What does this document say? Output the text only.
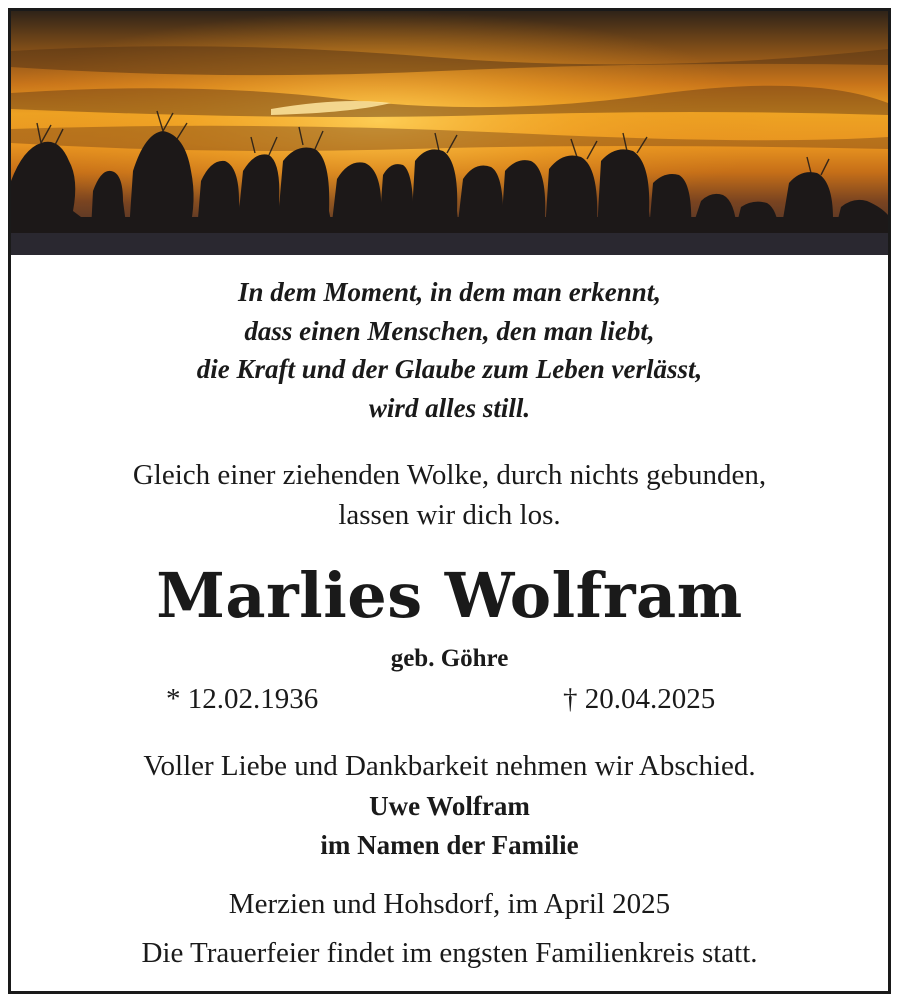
In dem Moment, in dem man erkennt,
dass einen Menschen, den man liebt,
die Kraft und der Glaube zum Leben verlässt,
wird alles still.
Gleich einer ziehenden Wolke, durch nichts gebunden,
lassen wir dich los.
Marlies Wolfram
geb. Göhre
* 12.02.1936	† 20.04.2025
Voller Liebe und Dankbarkeit nehmen wir Abschied.
Uwe Wolfram
im Namen der Familie
Merzien und Hohsdorf, im April 2025
Die Trauerfeier findet im engsten Familienkreis statt.
